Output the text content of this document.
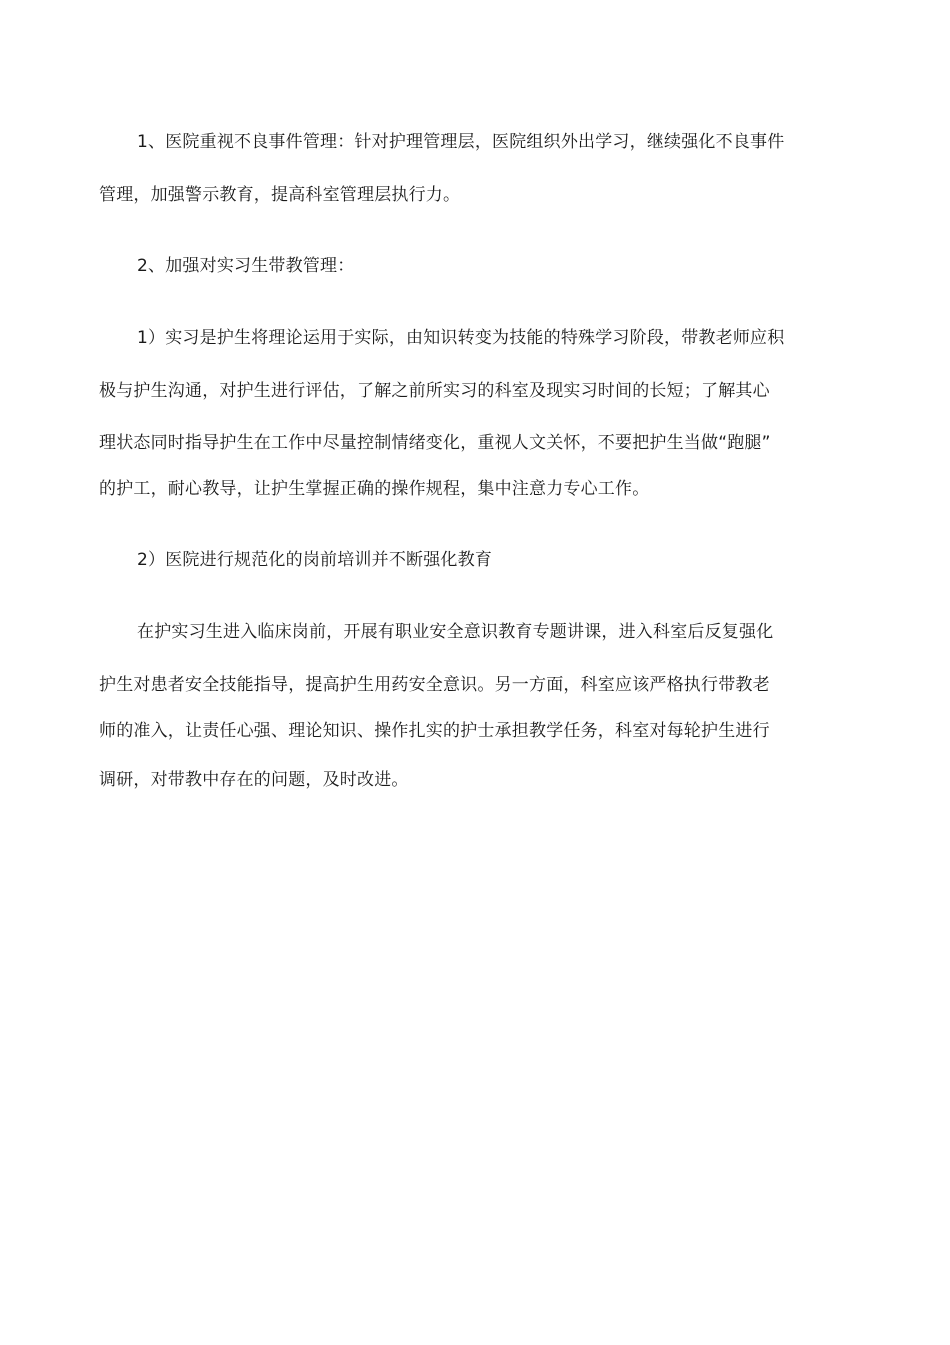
1、医院重视不良事件管理：针对护理管理层，医院组织外出学习，继续强化不良事件
管理，加强警示教育，提高科室管理层执行力。
2、加强对实习生带教管理：
1）实习是护生将理论运用于实际，由知识转变为技能的特殊学习阶段，带教老师应积
极与护生沟通，对护生进行评估，了解之前所实习的科室及现实习时间的长短；了解其心
理状态同时指导护生在工作中尽量控制情绪变化，重视人文关怀，不要把护生当做“跑腿”
的护工，耐心教导，让护生掌握正确的操作规程，集中注意力专心工作。
2）医院进行规范化的岗前培训并不断强化教育
在护实习生进入临床岗前，开展有职业安全意识教育专题讲课，进入科室后反复强化
护生对患者安全技能指导，提高护生用药安全意识。另一方面，科室应该严格执行带教老
师的准入，让责任心强、理论知识、操作扎实的护士承担教学任务，科室对每轮护生进行
调研，对带教中存在的问题，及时改进。
